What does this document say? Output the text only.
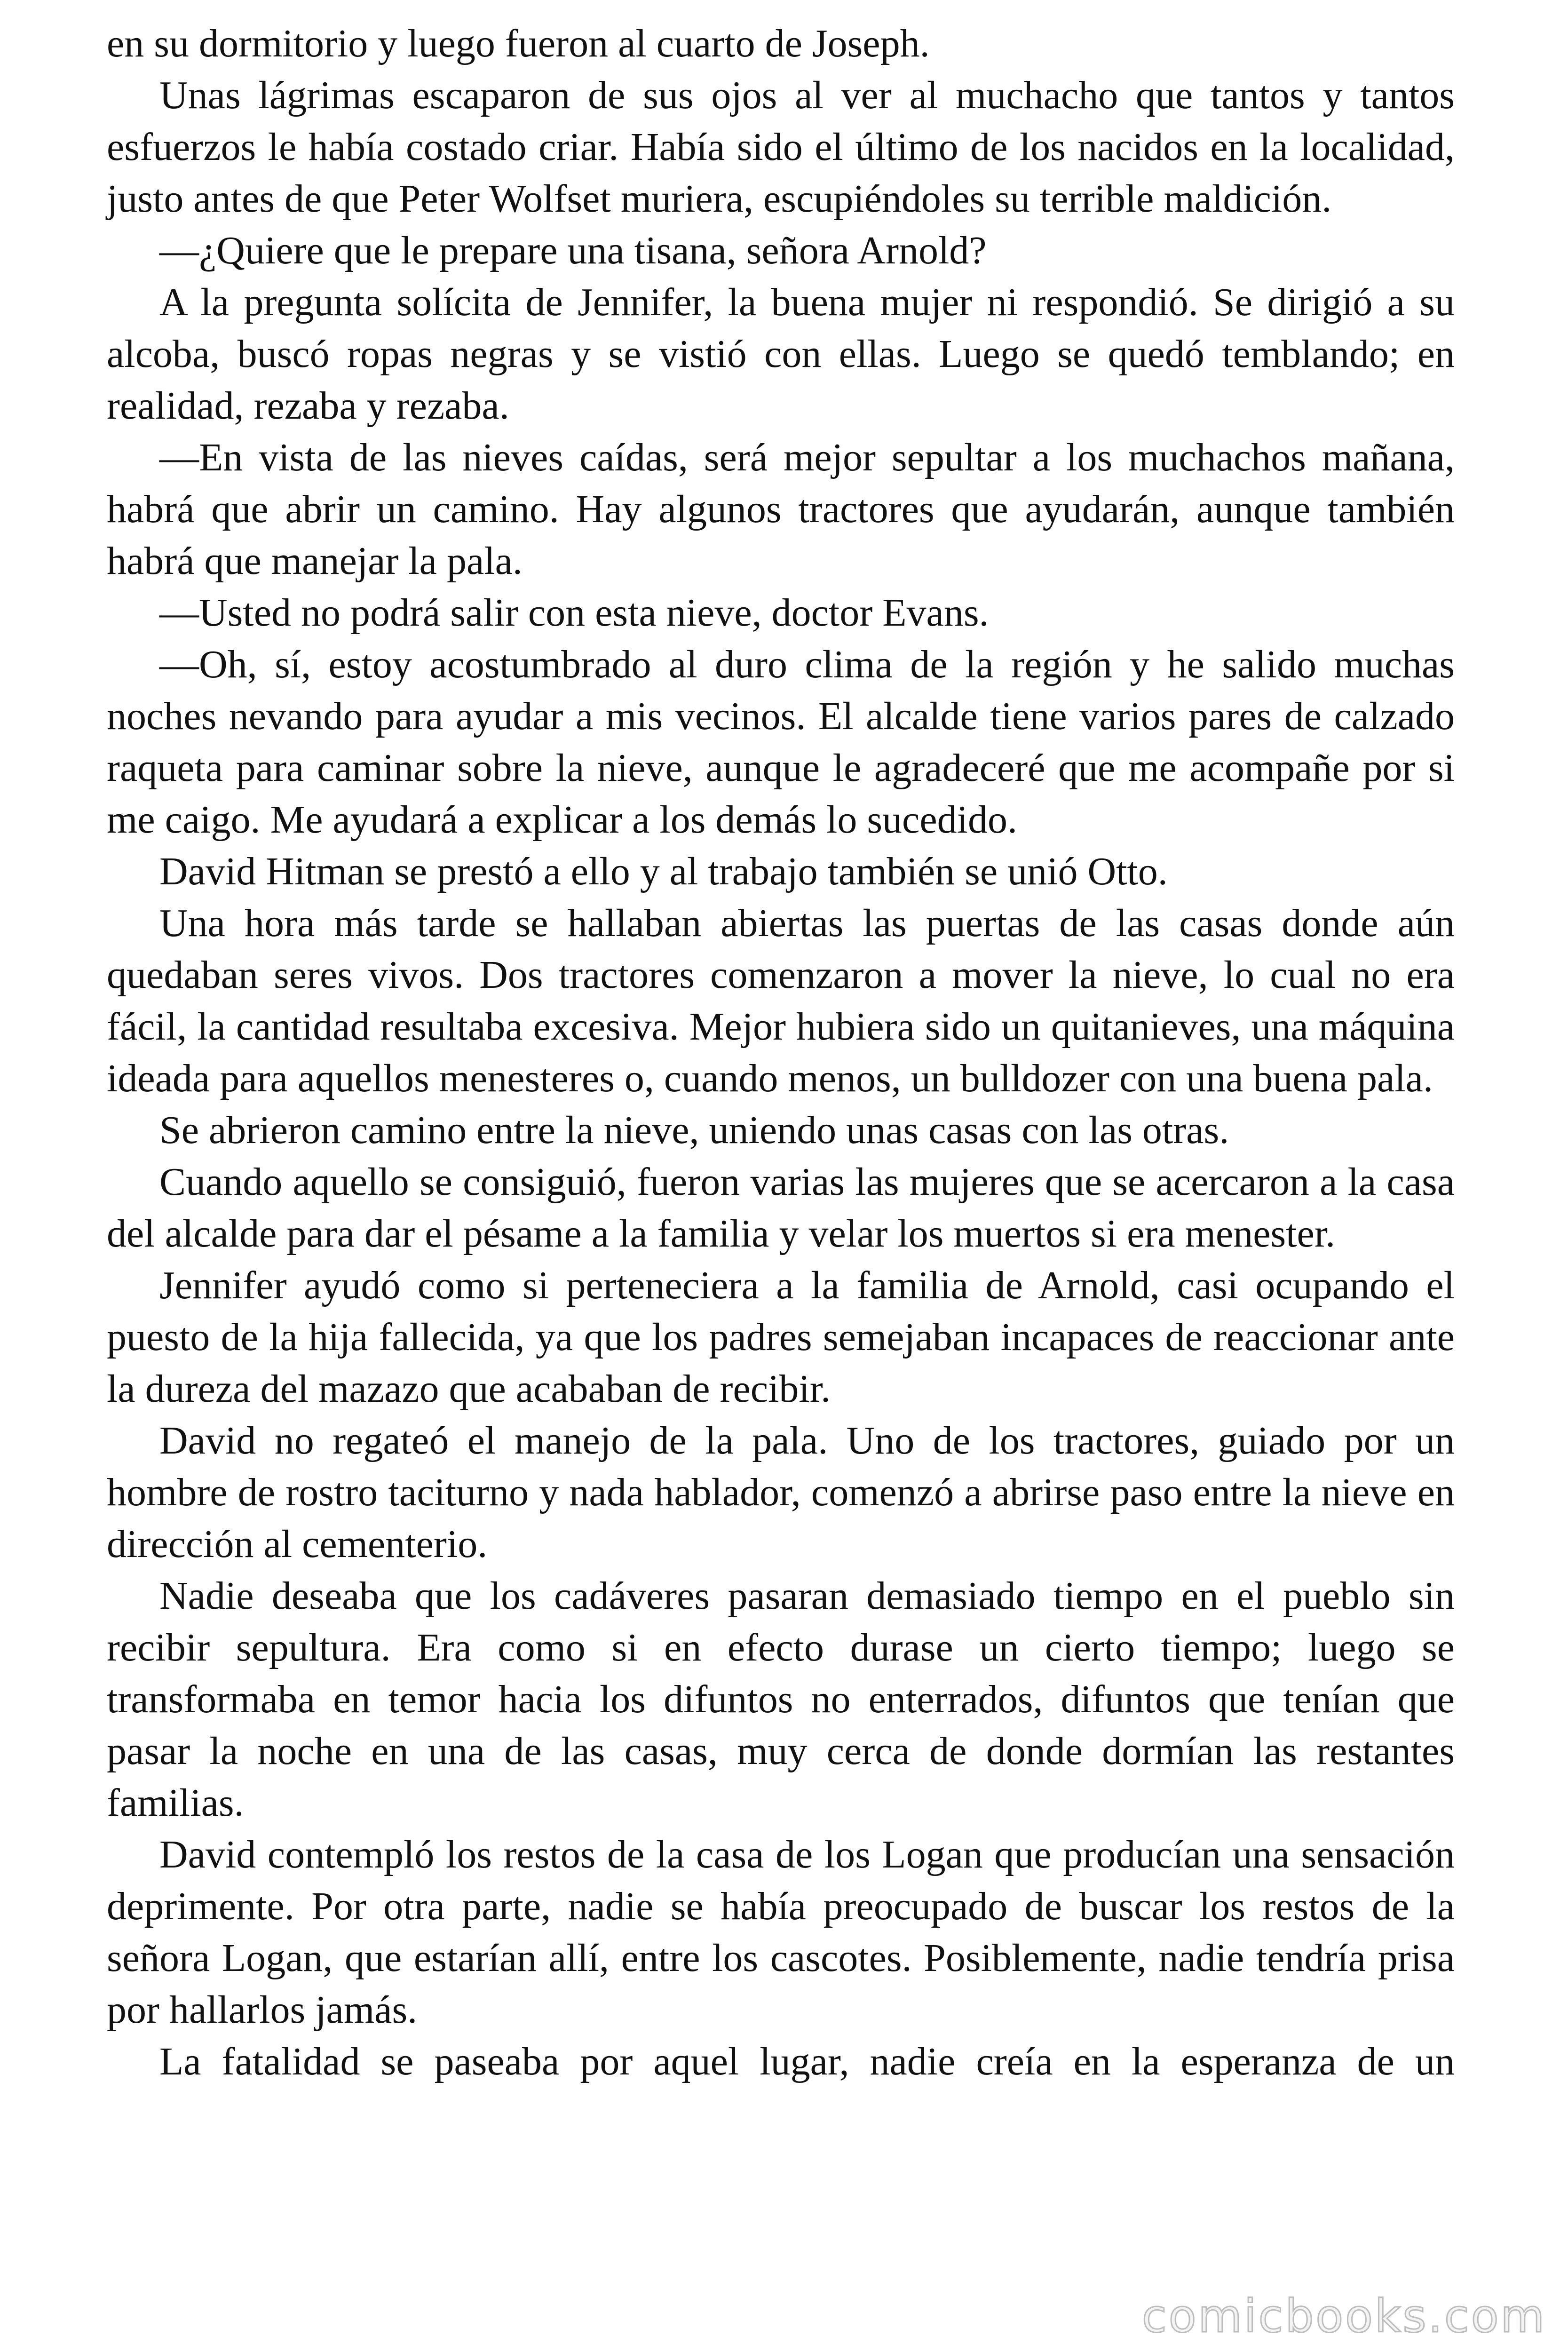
en su dormitorio y luego fueron al cuarto de Joseph.

Unas lágrimas escaparon de sus ojos al ver al muchacho que tantos y tantos esfuerzos le había costado criar. Había sido el último de los nacidos en la localidad, justo antes de que Peter Wolfset muriera, escupiéndoles su terrible maldición.

—¿Quiere que le prepare una tisana, señora Arnold?

A la pregunta solícita de Jennifer, la buena mujer ni respondió. Se dirigió a su alcoba, buscó ropas negras y se vistió con ellas. Luego se quedó temblando; en realidad, rezaba y rezaba.

—En vista de las nieves caídas, será mejor sepultar a los muchachos mañana, habrá que abrir un camino. Hay algunos tractores que ayudarán, aunque también habrá que manejar la pala.

—Usted no podrá salir con esta nieve, doctor Evans.

—Oh, sí, estoy acostumbrado al duro clima de la región y he salido muchas noches nevando para ayudar a mis vecinos. El alcalde tiene varios pares de calzado raqueta para caminar sobre la nieve, aunque le agradeceré que me acompañe por si me caigo. Me ayudará a explicar a los demás lo sucedido.

David Hitman se prestó a ello y al trabajo también se unió Otto.

Una hora más tarde se hallaban abiertas las puertas de las casas donde aún quedaban seres vivos. Dos tractores comenzaron a mover la nieve, lo cual no era fácil, la cantidad resultaba excesiva. Mejor hubiera sido un quitanieves, una máquina ideada para aquellos menesteres o, cuando menos, un bulldozer con una buena pala.

Se abrieron camino entre la nieve, uniendo unas casas con las otras.

Cuando aquello se consiguió, fueron varias las mujeres que se acercaron a la casa del alcalde para dar el pésame a la familia y velar los muertos si era menester.

Jennifer ayudó como si perteneciera a la familia de Arnold, casi ocupando el puesto de la hija fallecida, ya que los padres semejaban incapaces de reaccionar ante la dureza del mazazo que acababan de recibir.

David no regateó el manejo de la pala. Uno de los tractores, guiado por un hombre de rostro taciturno y nada hablador, comenzó a abrirse paso entre la nieve en dirección al cementerio.

Nadie deseaba que los cadáveres pasaran demasiado tiempo en el pueblo sin recibir sepultura. Era como si en efecto durase un cierto tiempo; luego se transformaba en temor hacia los difuntos no enterrados, difuntos que tenían que pasar la noche en una de las casas, muy cerca de donde dormían las restantes familias.

David contempló los restos de la casa de los Logan que producían una sensación deprimente. Por otra parte, nadie se había preocupado de buscar los restos de la señora Logan, que estarían allí, entre los cascotes. Posiblemente, nadie tendría prisa por hallarlos jamás.

La fatalidad se paseaba por aquel lugar, nadie creía en la esperanza de un

comicbooks.com
